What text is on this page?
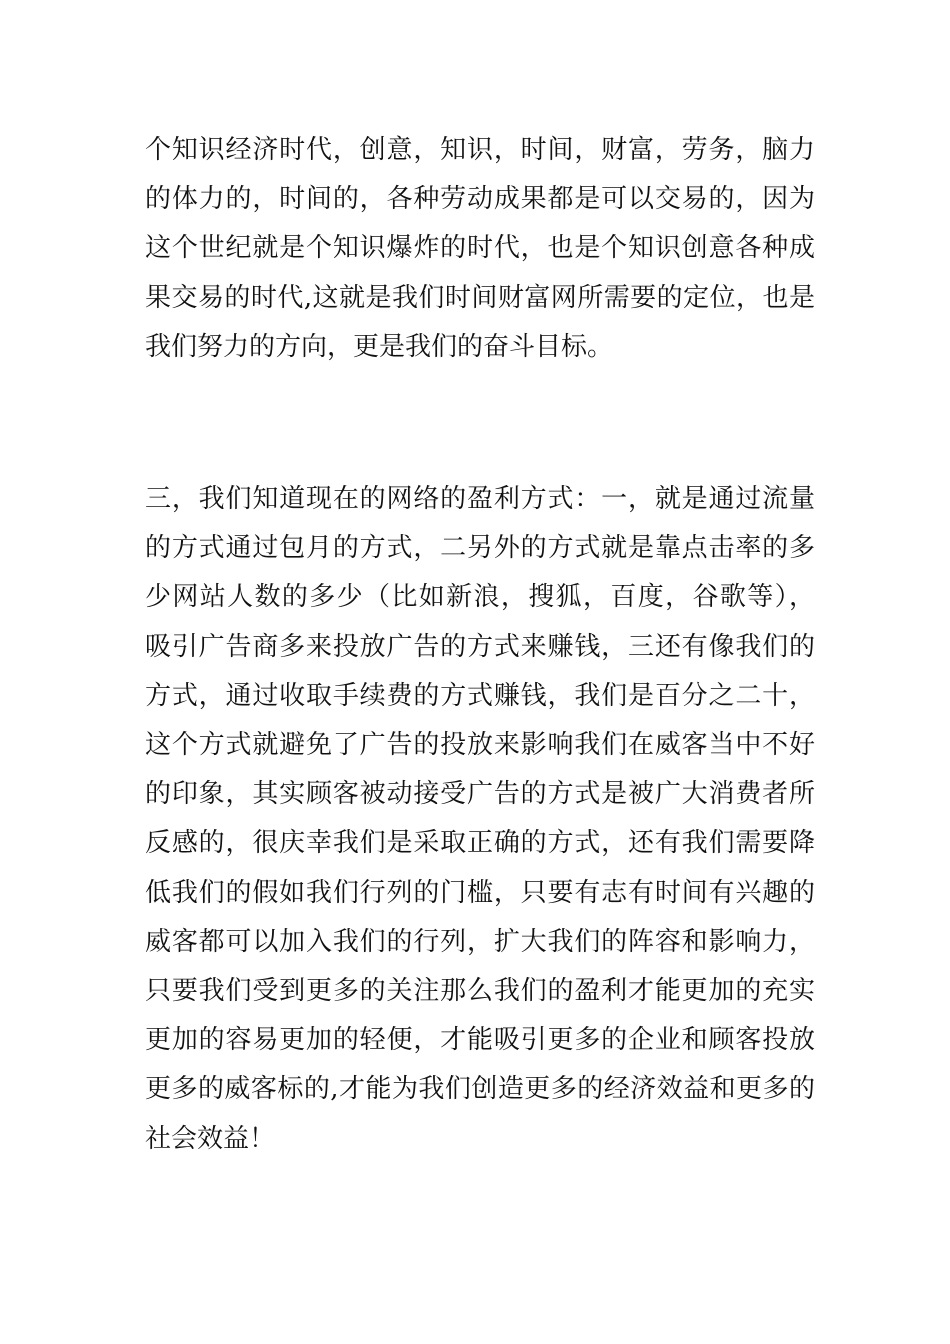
个知识经济时代，创意，知识，时间，财富，劳务，脑力
的体力的，时间的，各种劳动成果都是可以交易的，因为
这个世纪就是个知识爆炸的时代，也是个知识创意各种成
果交易的时代,这就是我们时间财富网所需要的定位，也是
我们努力的方向，更是我们的奋斗目标。

三，我们知道现在的网络的盈利方式：一，就是通过流量
的方式通过包月的方式，二另外的方式就是靠点击率的多
少网站人数的多少（比如新浪，搜狐，百度，谷歌等），
吸引广告商多来投放广告的方式来赚钱，三还有像我们的
方式，通过收取手续费的方式赚钱，我们是百分之二十，
这个方式就避免了广告的投放来影响我们在威客当中不好
的印象，其实顾客被动接受广告的方式是被广大消费者所
反感的，很庆幸我们是采取正确的方式，还有我们需要降
低我们的假如我们行列的门槛，只要有志有时间有兴趣的
威客都可以加入我们的行列，扩大我们的阵容和影响力，
只要我们受到更多的关注那么我们的盈利才能更加的充实
更加的容易更加的轻便，才能吸引更多的企业和顾客投放
更多的威客标的,才能为我们创造更多的经济效益和更多的
社会效益！
